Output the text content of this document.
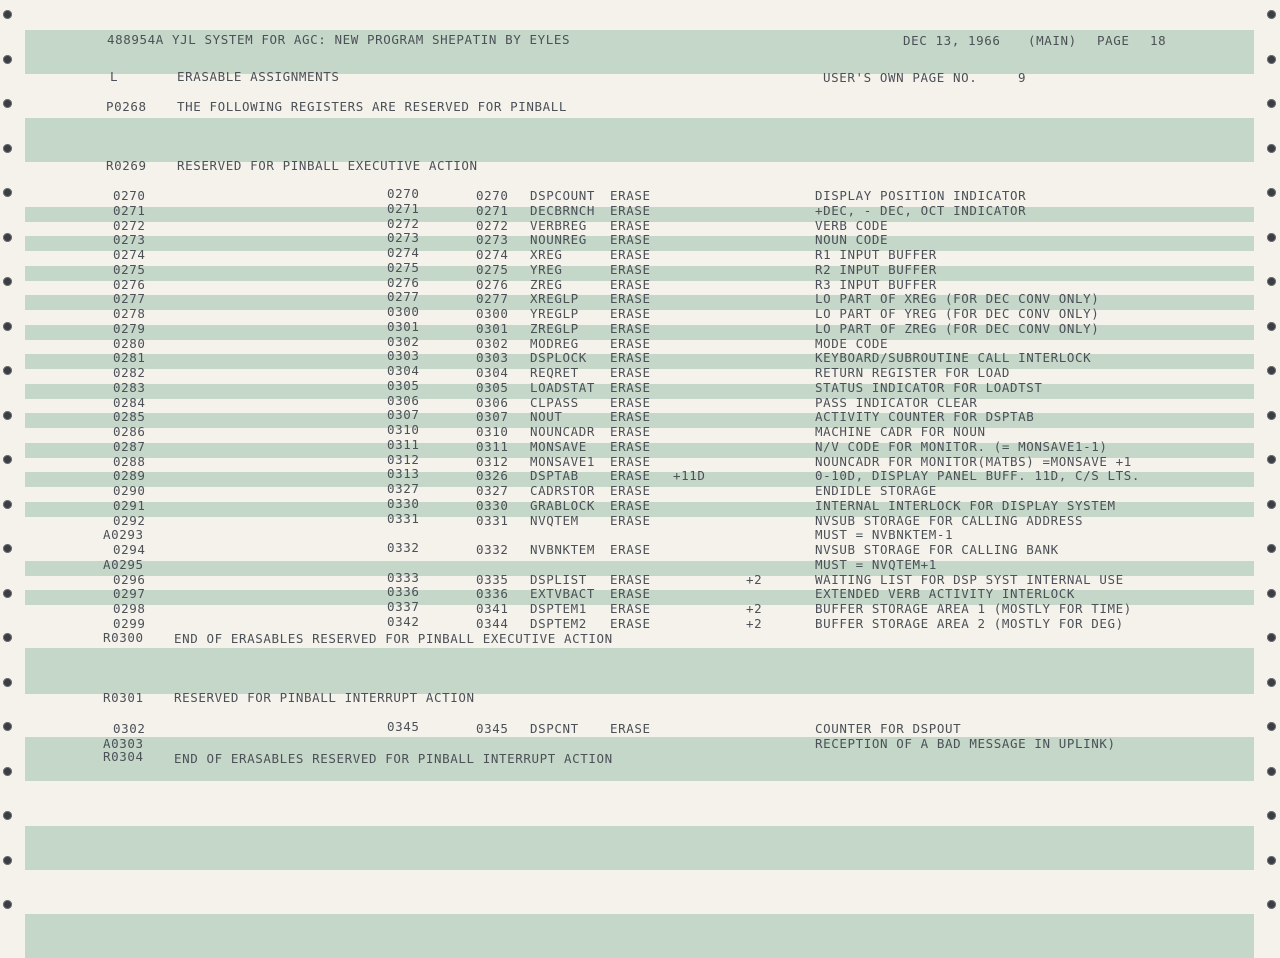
488954A YJL SYSTEM FOR AGC: NEW PROGRAM SHEPATIN BY EYLES	DEC 13, 1966 (MAIN) PAGE 18
L	ERASABLE ASSIGNMENTS	USER'S OWN PAGE NO.	9
P0268 THE FOLLOWING REGISTERS ARE RESERVED FOR PINBALL
R0269 RESERVED FOR PINBALL EXECUTIVE ACTION
0270	0270	0270 DSPCOUNT ERASE	DISPLAY POSITION INDICATOR
0271	0271	0271 DECBRNCH ERASE	+DEC, - DEC, OCT INDICATOR
0272	0272	0272 VERBREG ERASE	VERB CODE
0273	0273	0273 NOUNREG ERASE	NOUN CODE
0274	0274	0274 XREG	ERASE	R1 INPUT BUFFER
0275	0275	0275 YREG	ERASE	R2 INPUT BUFFER
0276	0276	0276 ZREG	ERASE	R3 INPUT BUFFER
0277	0277	0277 XREGLP ERASE	LO PART OF XREG (FOR DEC CONV ONLY)
0278	0300	0300 YREGLP ERASE	LO PART OF YREG (FOR DEC CONV ONLY)
0279	0301	0301 ZREGLP ERASE	LO PART OF ZREG (FOR DEC CONV ONLY)
0280	0302	0302 MODREG ERASE	MODE CODE
0281	0303	0303 DSPLOCK ERASE	KEYBOARD/SUBROUTINE CALL INTERLOCK
0282	0304	0304 REQRET ERASE	RETURN REGISTER FOR LOAD
0283	0305	0305 LOADSTAT ERASE	STATUS INDICATOR FOR LOADTST
0284	0306	0306 CLPASS ERASE	PASS INDICATOR CLEAR
0285	0307	0307 NOUT	ERASE	ACTIVITY COUNTER FOR DSPTAB
0286	0310	0310 NOUNCADR ERASE	MACHINE CADR FOR NOUN
0287	0311	0311 MONSAVE ERASE	N/V CODE FOR MONITOR. (= MONSAVE1-1)
0288	0312	0312 MONSAVE1 ERASE	NOUNCADR FOR MONITOR(MATBS) =MONSAVE +1
0289	0313	0326 DSPTAB ERASE +11D	0-10D, DISPLAY PANEL BUFF. 11D, C/S LTS.
0290	0327	0327 CADRSTOR ERASE	ENDIDLE STORAGE
0291	0330	0330 GRABLOCK ERASE	INTERNAL INTERLOCK FOR DISPLAY SYSTEM
0292	0331	0331 NVQTEM ERASE	NVSUB STORAGE FOR CALLING ADDRESS
A0293	MUST = NVBNKTEM-1
0294	0332	0332 NVBNKTEM ERASE	NVSUB STORAGE FOR CALLING BANK
A0295	MUST = NVQTEM+1
0296	0333	0335 DSPLIST ERASE	+2	WAITING LIST FOR DSP SYST INTERNAL USE
0297	0336	0336 EXTVBACT ERASE	EXTENDED VERB ACTIVITY INTERLOCK
0298	0337	0341 DSPTEM1 ERASE	+2	BUFFER STORAGE AREA 1 (MOSTLY FOR TIME)
0299	0342	0344 DSPTEM2 ERASE	+2	BUFFER STORAGE AREA 2 (MOSTLY FOR DEG)
R0300 END OF ERASABLES RESERVED FOR PINBALL EXECUTIVE ACTION
R0301 RESERVED FOR PINBALL INTERRUPT ACTION
0302	0345	0345 DSPCNT ERASE	COUNTER FOR DSPOUT
A0303	RECEPTION OF A BAD MESSAGE IN UPLINK)
R0304 END OF ERASABLES RESERVED FOR PINBALL INTERRUPT ACTION
